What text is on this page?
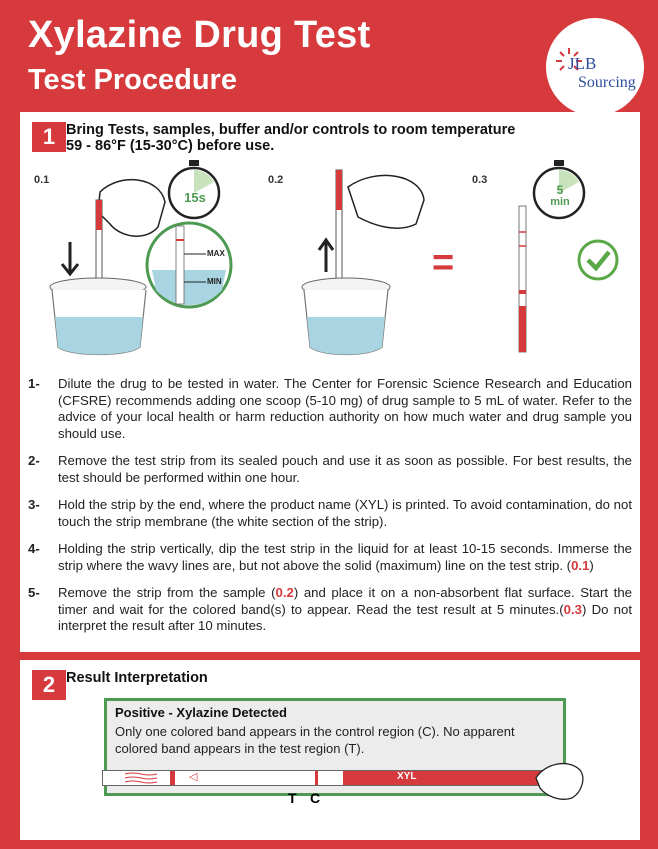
Xylazine Drug Test
Test Procedure
JLB
Sourcing
1 Bring Tests, samples, buffer and/or controls to room temperature
59 - 86°F (15-30°C) before use.
0.1	0.2	0.3
15s
MAX
MIN	=
5
min
1-	Dilute the drug to be tested in water. The Center for Forensic Science Research and Education (CFSRE) recommends adding one scoop (5-10 mg) of drug sample to 5 mL of water. Refer to the advice of your local health or harm reduction authority on how much water and drug sample you should use.
2-	Remove the test strip from its sealed pouch and use it as soon as possible. For best results, the test should be performed within one hour.
3-	Hold the strip by the end, where the product name (XYL) is printed. To avoid contamination, do not touch the strip membrane (the white section of the strip).
4-	Holding the strip vertically, dip the test strip in the liquid for at least 10-15 seconds. Immerse the strip where the wavy lines are, but not above the solid (maximum) line on the test strip. (0.1)
5-	Remove the strip from the sample (0.2) and place it on a non-absorbent flat surface. Start the timer and wait for the colored band(s) to appear. Read the test result at 5 minutes.(0.3) Do not interpret the result after 10 minutes.
2 Result Interpretation
Positive - Xylazine Detected
Only one colored band appears in the control region (C). No apparent colored band appears in the test region (T).
◁	XYL
T C
